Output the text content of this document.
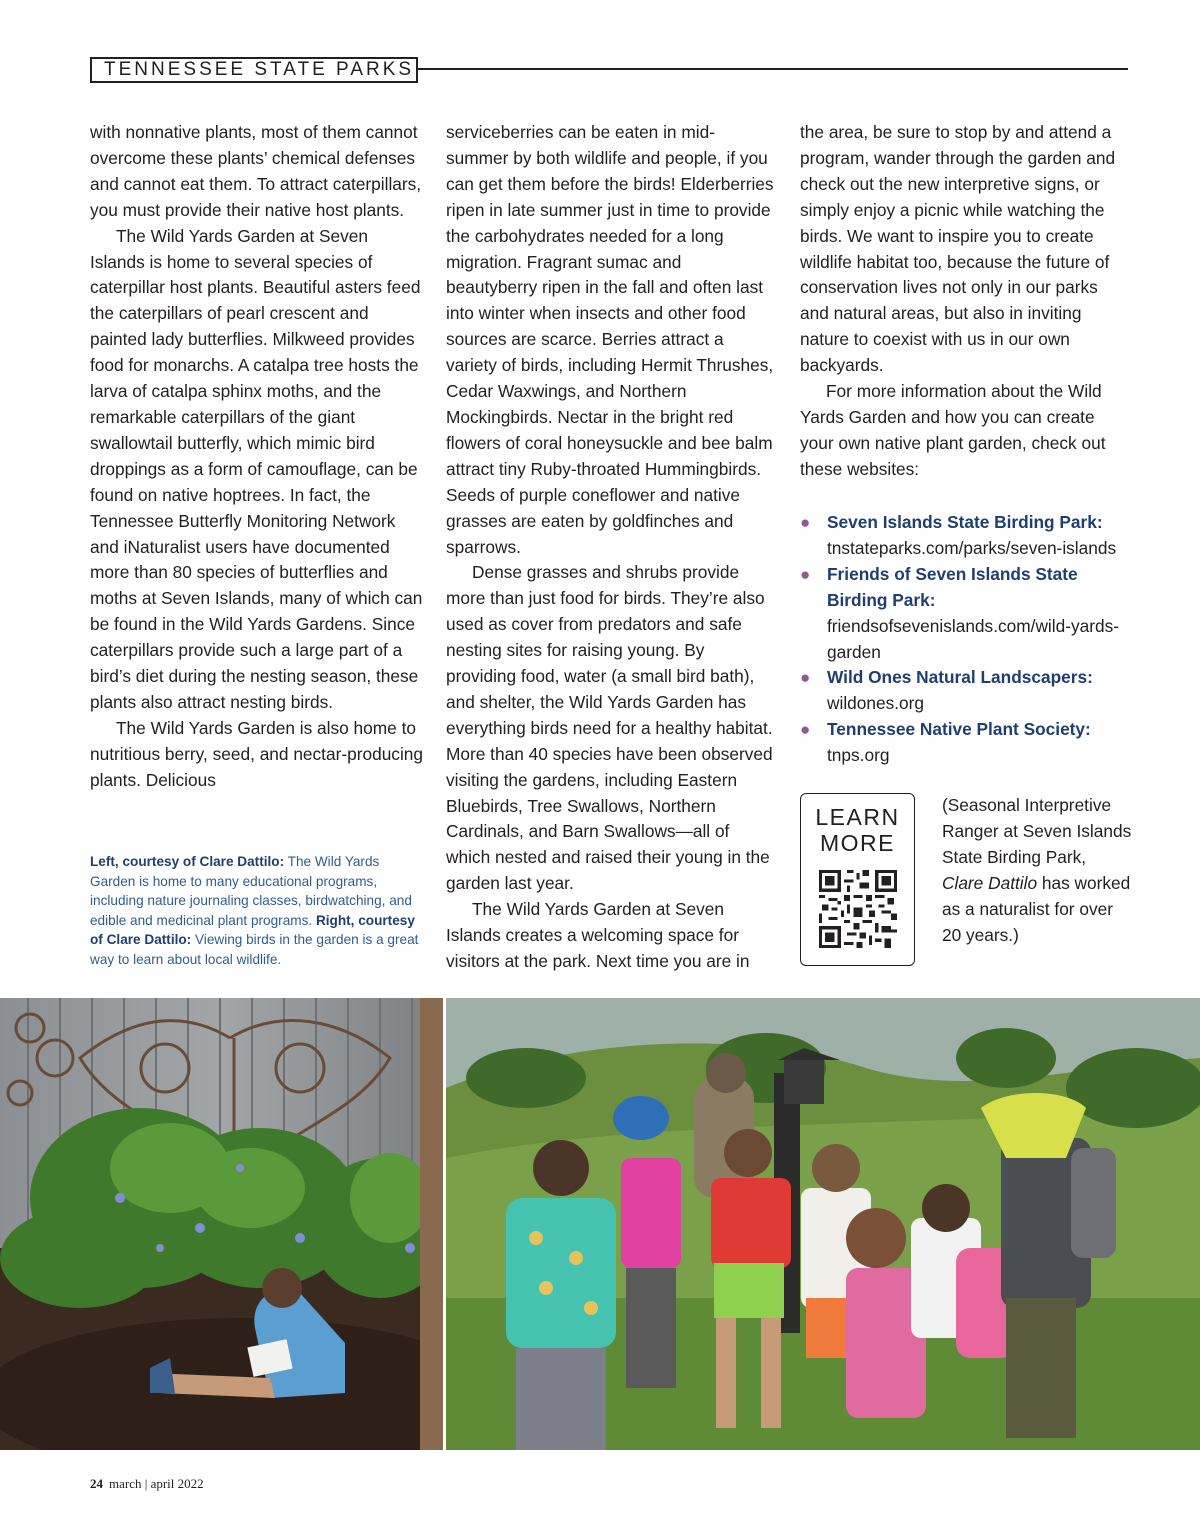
TENNESSEE STATE PARKS

with nonnative plants, most of them cannot overcome these plants’ chemical defenses and cannot eat them. To attract caterpillars, you must provide their native host plants.

The Wild Yards Garden at Seven Islands is home to several species of caterpillar host plants. Beautiful asters feed the caterpillars of pearl crescent and painted lady butterflies. Milkweed provides food for monarchs. A catalpa tree hosts the larva of catalpa sphinx moths, and the remarkable caterpillars of the giant swallowtail butterfly, which mimic bird droppings as a form of camouflage, can be found on native hoptrees. In fact, the Tennessee Butterfly Monitoring Network and iNaturalist users have documented more than 80 species of butterflies and moths at Seven Islands, many of which can be found in the Wild Yards Gardens. Since caterpillars provide such a large part of a bird’s diet during the nesting season, these plants also attract nesting birds.

The Wild Yards Garden is also home to nutritious berry, seed, and nectar-producing plants. Delicious

Left, courtesy of Clare Dattilo: The Wild Yards Garden is home to many educational programs, including nature journaling classes, birdwatching, and edible and medicinal plant programs. Right, courtesy of Clare Dattilo: Viewing birds in the garden is a great way to learn about local wildlife.

serviceberries can be eaten in mid-summer by both wildlife and people, if you can get them before the birds! Elderberries ripen in late summer just in time to provide the carbohydrates needed for a long migration. Fragrant sumac and beautyberry ripen in the fall and often last into winter when insects and other food sources are scarce. Berries attract a variety of birds, including Hermit Thrushes, Cedar Waxwings, and Northern Mockingbirds. Nectar in the bright red flowers of coral honeysuckle and bee balm attract tiny Ruby-throated Hummingbirds. Seeds of purple coneflower and native grasses are eaten by goldfinches and sparrows.

Dense grasses and shrubs provide more than just food for birds. They’re also used as cover from predators and safe nesting sites for raising young. By providing food, water (a small bird bath), and shelter, the Wild Yards Garden has everything birds need for a healthy habitat. More than 40 species have been observed visiting the gardens, including Eastern Bluebirds, Tree Swallows, Northern Cardinals, and Barn Swallows—all of which nested and raised their young in the garden last year.

The Wild Yards Garden at Seven Islands creates a welcoming space for visitors at the park. Next time you are in

the area, be sure to stop by and attend a program, wander through the garden and check out the new interpretive signs, or simply enjoy a picnic while watching the birds. We want to inspire you to create wildlife habitat too, because the future of conservation lives not only in our parks and natural areas, but also in inviting nature to coexist with us in our own backyards.

For more information about the Wild Yards Garden and how you can create your own native plant garden, check out these websites:

● Seven Islands State Birding Park: tnstateparks.com/parks/seven-islands
● Friends of Seven Islands State Birding Park: friendsofsevenislands.com/wild-yards-garden
● Wild Ones Natural Landscapers: wildones.org
● Tennessee Native Plant Society: tnps.org
LEARN
MORE
(Seasonal Interpretive Ranger at Seven Islands State Birding Park, Clare Dattilo has worked as a naturalist for over 20 years.)
24 march | april 2022
